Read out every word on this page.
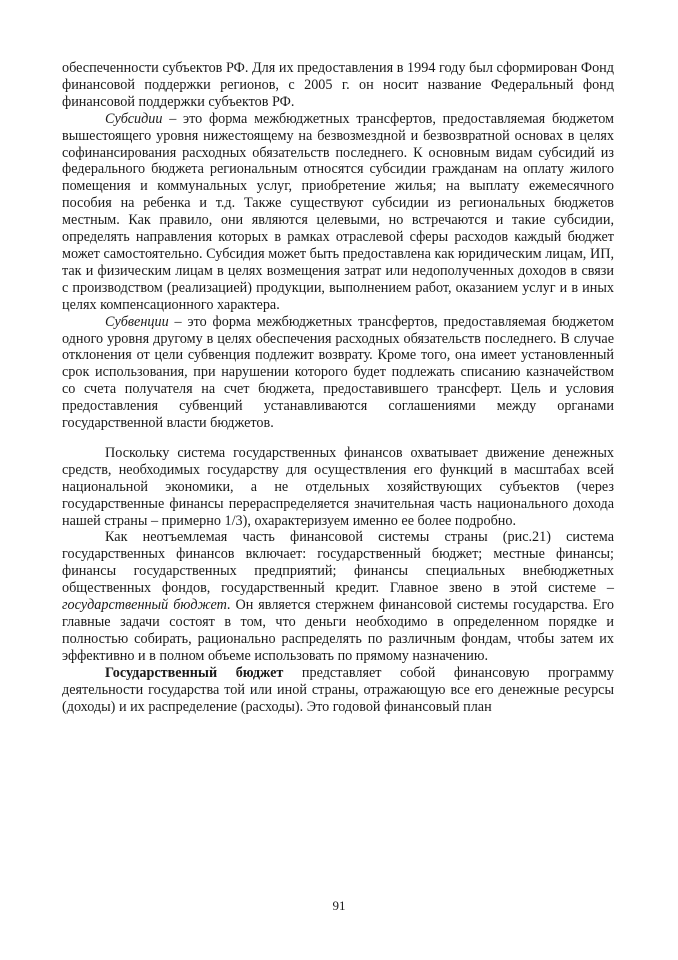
обеспеченности субъектов РФ. Для их предоставления в 1994 году был сформирован Фонд финансовой поддержки регионов, с 2005 г. он носит название Федеральный фонд финансовой поддержки субъектов РФ.

Субсидии – это форма межбюджетных трансфертов, предоставляемая бюджетом вышестоящего уровня нижестоящему на безвозмездной и безвозвратной основах в целях софинансирования расходных обязательств последнего. К основным видам субсидий из федерального бюджета региональным относятся субсидии гражданам на оплату жилого помещения и коммунальных услуг, приобретение жилья; на выплату ежемесячного пособия на ребенка и т.д. Также существуют субсидии из региональных бюджетов местным. Как правило, они являются целевыми, но встречаются и такие субсидии, определять направления которых в рамках отраслевой сферы расходов каждый бюджет может самостоятельно. Субсидия может быть предоставлена как юридическим лицам, ИП, так и физическим лицам в целях возмещения затрат или недополученных доходов в связи с производством (реализацией) продукции, выполнением работ, оказанием услуг и в иных целях компенсационного характера.

Субвенции – это форма межбюджетных трансфертов, предоставляемая бюджетом одного уровня другому в целях обеспечения расходных обязательств последнего. В случае отклонения от цели субвенция подлежит возврату. Кроме того, она имеет установленный срок использования, при нарушении которого будет подлежать списанию казначейством со счета получателя на счет бюджета, предоставившего трансферт. Цель и условия предоставления субвенций устанавливаются соглашениями между органами государственной власти бюджетов.

Поскольку система государственных финансов охватывает движение денежных средств, необходимых государству для осуществления его функций в масштабах всей национальной экономики, а не отдельных хозяйствующих субъектов (через государственные финансы перераспределяется значительная часть национального дохода нашей страны – примерно 1/3), охарактеризуем именно ее более подробно.

Как неотъемлемая часть финансовой системы страны (рис.21) система государственных финансов включает: государственный бюджет; местные финансы; финансы государственных предприятий; финансы специальных внебюджетных общественных фондов, государственный кредит. Главное звено в этой системе – государственный бюджет. Он является стержнем финансовой системы государства. Его главные задачи состоят в том, что деньги необходимо в определенном порядке и полностью собирать, рационально распределять по различным фондам, чтобы затем их эффективно и в полном объеме использовать по прямому назначению.

Государственный бюджет представляет собой финансовую программу деятельности государства той или иной страны, отражающую все его денежные ресурсы (доходы) и их распределение (расходы). Это годовой финансовый план

91
